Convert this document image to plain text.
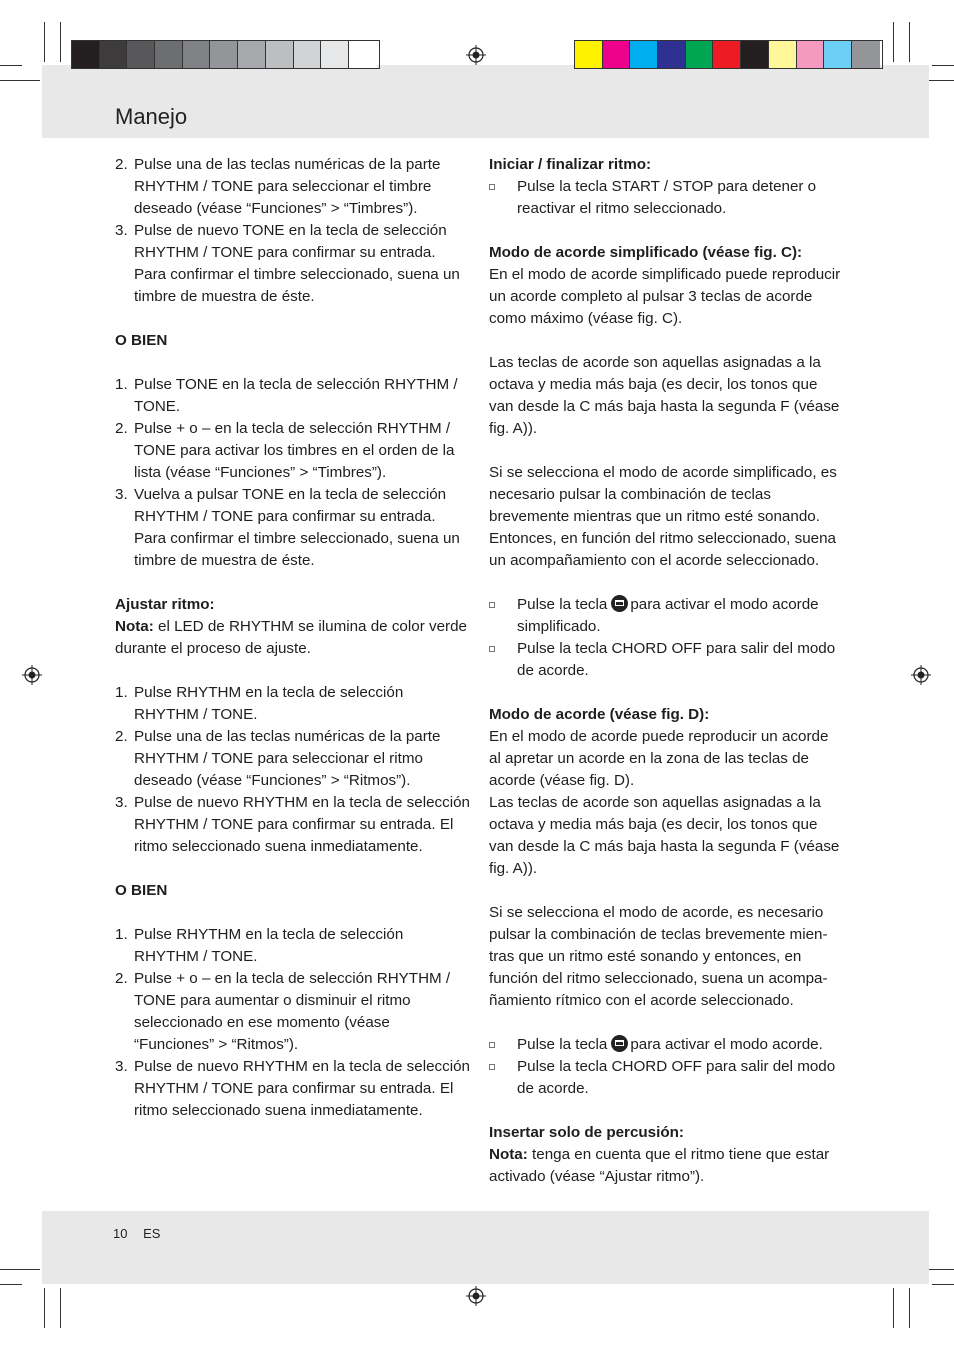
Manejo
2. Pulse una de las teclas numéricas de la parte RHYTHM / TONE para seleccionar el timbre deseado (véase “Funciones” > “Timbres”).
3. Pulse de nuevo TONE en la tecla de selección RHYTHM / TONE para confirmar su entrada. Para confirmar el timbre seleccionado, suena un timbre de muestra de éste.

O BIEN

1. Pulse TONE en la tecla de selección RHYTHM / TONE.
2. Pulse + o – en la tecla de selección RHYTHM / TONE para activar los timbres en el orden de la lista (véase “Funciones” > “Timbres”).
3. Vuelva a pulsar TONE en la tecla de selección RHYTHM / TONE para confirmar su entrada. Para confirmar el timbre seleccionado, suena un timbre de muestra de éste.

Ajustar ritmo:

Nota: el LED de RHYTHM se ilumina de color verde durante el proceso de ajuste.

1. Pulse RHYTHM en la tecla de selección RHYTHM / TONE.
2. Pulse una de las teclas numéricas de la parte RHYTHM / TONE para seleccionar el ritmo deseado (véase “Funciones” > “Ritmos”).
3. Pulse de nuevo RHYTHM en la tecla de selección RHYTHM / TONE para confirmar su entrada. El ritmo seleccionado suena inmediatamente.

O BIEN

1. Pulse RHYTHM en la tecla de selección RHYTHM / TONE.
2. Pulse + o – en la tecla de selección RHYTHM / TONE para aumentar o disminuir el ritmo seleccionado en ese momento (véase “Funciones” > “Ritmos”).
3. Pulse de nuevo RHYTHM en la tecla de selección RHYTHM / TONE para confirmar su entrada. El ritmo seleccionado suena inmediatamente.

Iniciar / finalizar ritmo:

Pulse la tecla START / STOP para detener o reactivar el ritmo seleccionado.

Modo de acorde simplificado (véase fig. C):

En el modo de acorde simplificado puede reproducir un acorde completo al pulsar 3 teclas de acorde como máximo (véase fig. C).

Las teclas de acorde son aquellas asignadas a la octava y media más baja (es decir, los tonos que van desde la C más baja hasta la segunda F (véase fig. A)).

Si se selecciona el modo de acorde simplificado, es necesario pulsar la combinación de teclas brevemente mientras que un ritmo esté sonando. Entonces, en función del ritmo seleccionado, suena un acompañamiento con el acorde seleccionado.

Pulse la tecla para activar el modo acorde simplificado.
Pulse la tecla CHORD OFF para salir del modo de acorde.

Modo de acorde (véase fig. D):

En el modo de acorde puede reproducir un acorde al apretar un acorde en la zona de las teclas de acorde (véase fig. D).

Las teclas de acorde son aquellas asignadas a la octava y media más baja (es decir, los tonos que van desde la C más baja hasta la segunda F (véase fig. A)).

Si se selecciona el modo de acorde, es necesario pulsar la combinación de teclas brevemente mien-tras que un ritmo esté sonando y entonces, en función del ritmo seleccionado, suena un acompa-ñamiento rítmico con el acorde seleccionado.

Pulse la tecla para activar el modo acorde.
Pulse la tecla CHORD OFF para salir del modo de acorde.

Insertar solo de percusión:

Nota: tenga en cuenta que el ritmo tiene que estar activado (véase “Ajustar ritmo”).

10 ES
